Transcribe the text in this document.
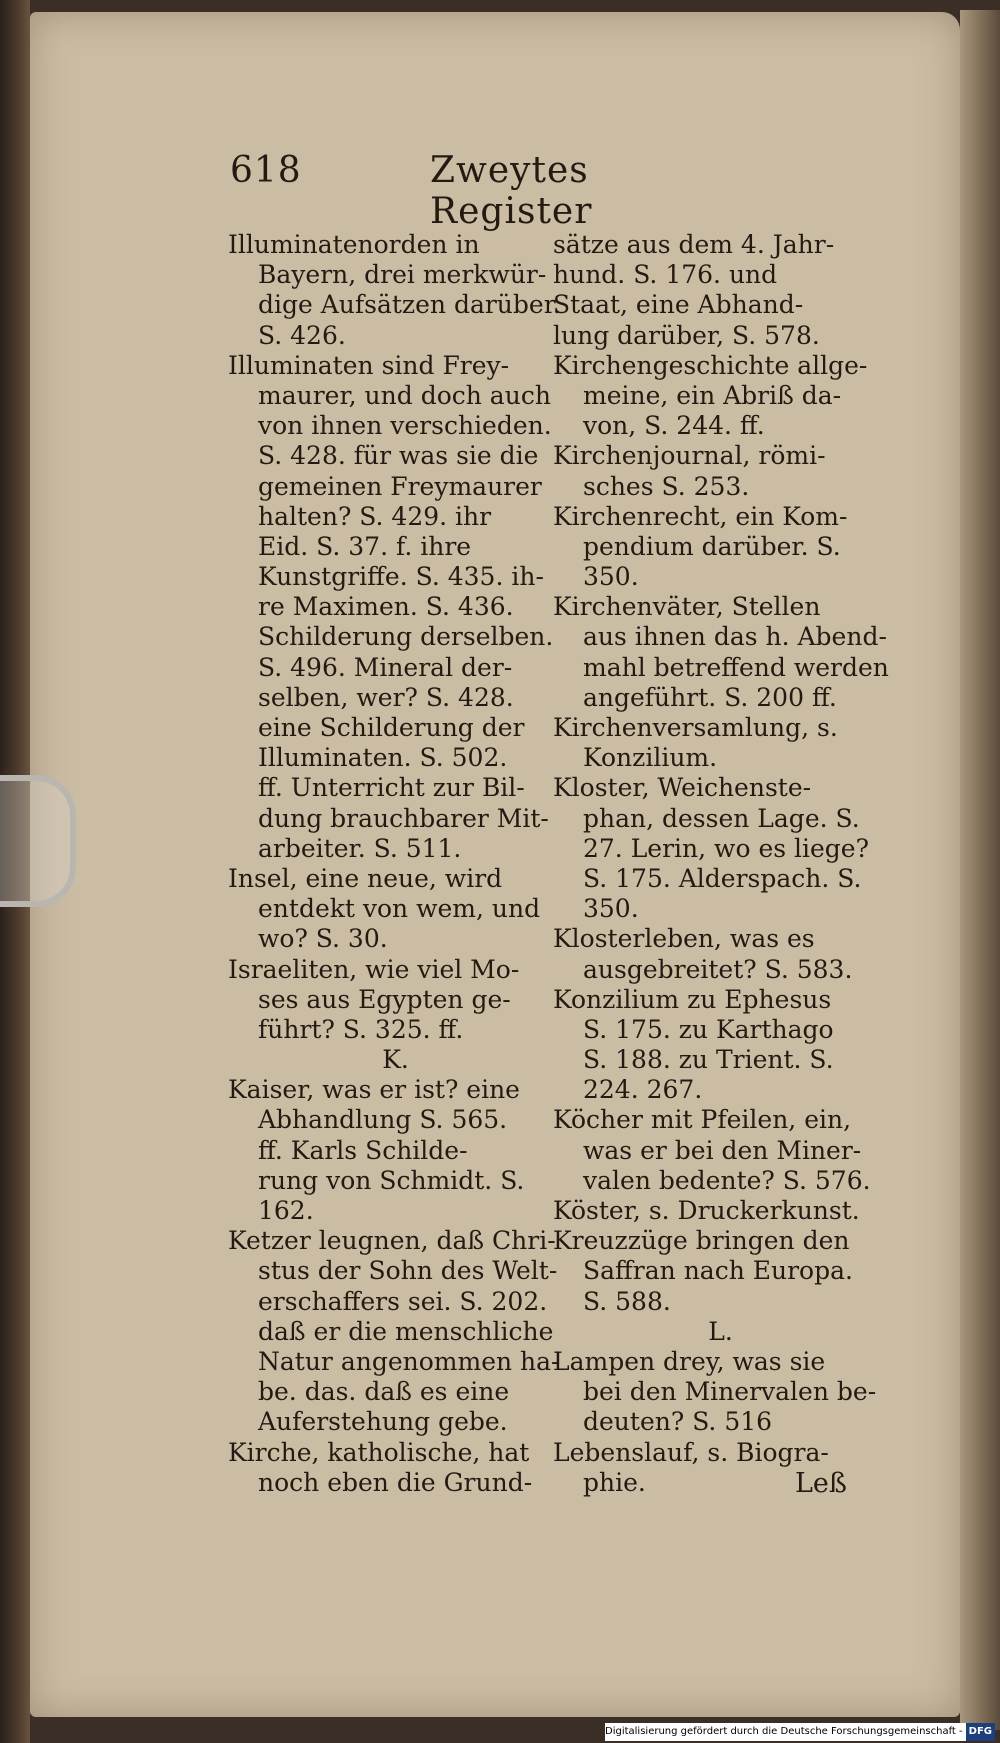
618	Zweytes Register
Illuminatenorden in
Bayern, drei merkwür-
dige Aufsätzen darüber.
S. 426.
Illuminaten sind Frey-
maurer, und doch auch
von ihnen verschieden.
S. 428. für was sie die
gemeinen Freymaurer
halten? S. 429. ihr
Eid. S. 37. f. ihre
Kunstgriffe. S. 435. ih-
re Maximen. S. 436.
Schilderung derselben.
S. 496. Mineral der-
selben, wer? S. 428.
eine Schilderung der
Illuminaten. S. 502.
ff. Unterricht zur Bil-
dung brauchbarer Mit-
arbeiter. S. 511.
Insel, eine neue, wird
entdekt von wem, und
wo? S. 30.
Israeliten, wie viel Mo-
ses aus Egypten ge-
führt? S. 325. ff.
K.
Kaiser, was er ist? eine
Abhandlung S. 565.
ff. Karls Schilde-
rung von Schmidt. S.
162.
Ketzer leugnen, daß Chri-
stus der Sohn des Welt-
erschaffers sei. S. 202.
daß er die menschliche
Natur angenommen ha-
be. das. daß es eine
Auferstehung gebe.
Kirche, katholische, hat
noch eben die Grund-
sätze aus dem 4. Jahr-
hund. S. 176. und
Staat, eine Abhand-
lung darüber, S. 578.
Kirchengeschichte allge-
meine, ein Abriß da-
von, S. 244. ff.
Kirchenjournal, römi-
sches S. 253.
Kirchenrecht, ein Kom-
pendium darüber. S.
350.
Kirchenväter, Stellen
aus ihnen das h. Abend-
mahl betreffend werden
angeführt. S. 200 ff.
Kirchenversamlung, s.
Konzilium.
Kloster, Weichenste-
phan, dessen Lage. S.
27. Lerin, wo es liege?
S. 175. Alderspach. S.
350.
Klosterleben, was es
ausgebreitet? S. 583.
Konzilium zu Ephesus
S. 175. zu Karthago
S. 188. zu Trient. S.
224. 267.
Köcher mit Pfeilen, ein,
was er bei den Miner-
valen bedente? S. 576.
Köster, s. Druckerkunst.
Kreuzzüge bringen den
Saffran nach Europa.
S. 588.
L.
Lampen drey, was sie
bei den Minervalen be-
deuten? S. 516
Lebenslauf, s. Biogra-
phie.	Leß
Digitalisierung gefördert durch die Deutsche Forschungsgemeinschaft - DFG
